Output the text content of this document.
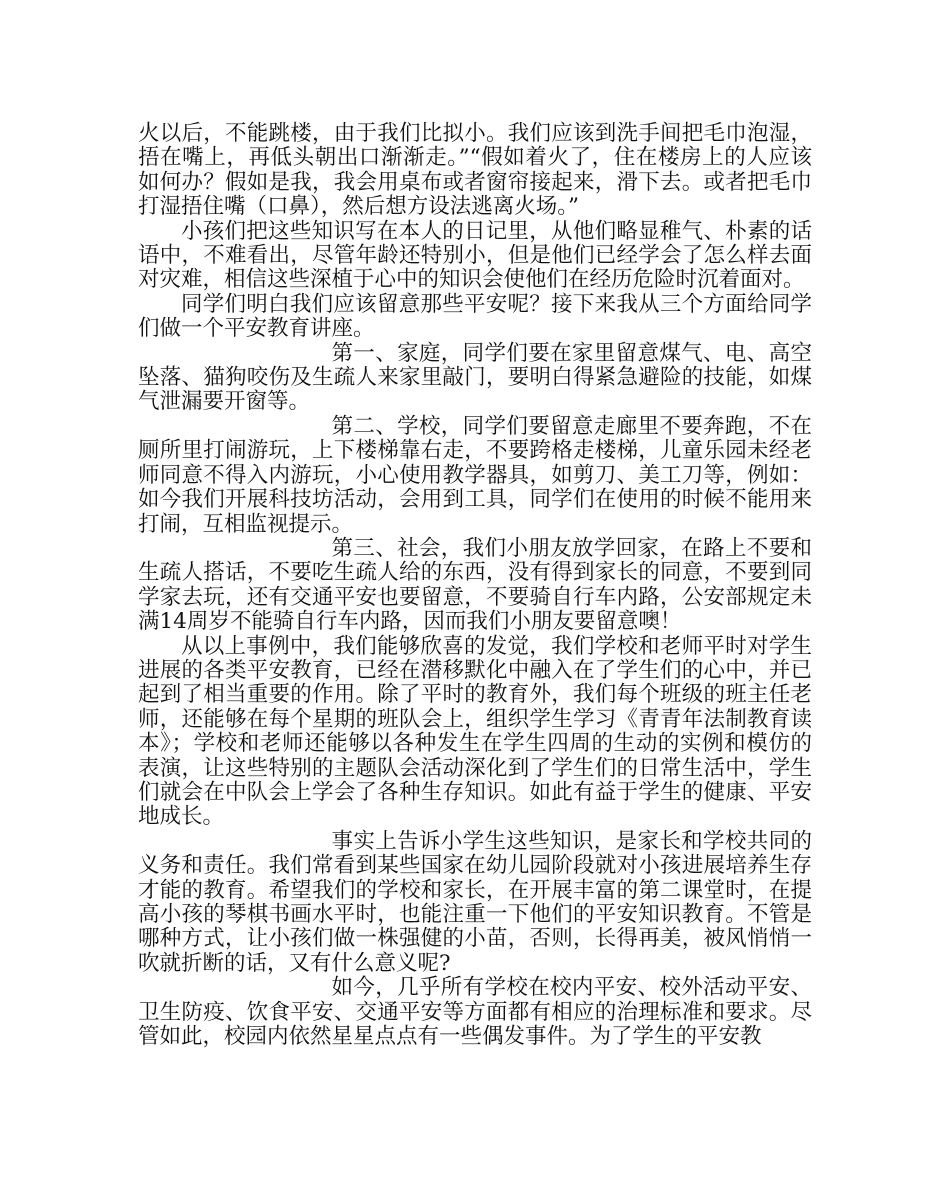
火以后，不能跳楼，由于我们比拟小。我们应该到洗手间把毛巾泡湿，捂在嘴上，再低头朝出口渐渐走。”“假如着火了，住在楼房上的人应该如何办？假如是我，我会用桌布或者窗帘接起来，滑下去。或者把毛巾打湿捂住嘴（口鼻），然后想方设法逃离火场。”

小孩们把这些知识写在本人的日记里，从他们略显稚气、朴素的话语中，不难看出，尽管年龄还特别小，但是他们已经学会了怎么样去面对灾难，相信这些深植于心中的知识会使他们在经历危险时沉着面对。

同学们明白我们应该留意那些平安呢？接下来我从三个方面给同学们做一个平安教育讲座。

第一、家庭，同学们要在家里留意煤气、电、高空坠落、猫狗咬伤及生疏人来家里敲门，要明白得紧急避险的技能，如煤气泄漏要开窗等。

第二、学校，同学们要留意走廊里不要奔跑，不在厕所里打闹游玩，上下楼梯靠右走，不要跨格走楼梯，儿童乐园未经老师同意不得入内游玩，小心使用教学器具，如剪刀、美工刀等，例如：如今我们开展科技坊活动，会用到工具，同学们在使用的时候不能用来打闹，互相监视提示。

第三、社会，我们小朋友放学回家，在路上不要和生疏人搭话，不要吃生疏人给的东西，没有得到家长的同意，不要到同学家去玩，还有交通平安也要留意，不要骑自行车内路，公安部规定未满14周岁不能骑自行车内路，因而我们小朋友要留意噢！

从以上事例中，我们能够欣喜的发觉，我们学校和老师平时对学生进展的各类平安教育，已经在潜移默化中融入在了学生们的心中，并已起到了相当重要的作用。除了平时的教育外，我们每个班级的班主任老师，还能够在每个星期的班队会上，组织学生学习《青青年法制教育读本》；学校和老师还能够以各种发生在学生四周的生动的实例和模仿的表演，让这些特别的主题队会活动深化到了学生们的日常生活中，学生们就会在中队会上学会了各种生存知识。如此有益于学生的健康、平安地成长。

事实上告诉小学生这些知识，是家长和学校共同的义务和责任。我们常看到某些国家在幼儿园阶段就对小孩进展培养生存才能的教育。希望我们的学校和家长，在开展丰富的第二课堂时，在提高小孩的琴棋书画水平时，也能注重一下他们的平安知识教育。不管是哪种方式，让小孩们做一株强健的小苗，否则，长得再美，被风悄悄一吹就折断的话，又有什么意义呢?

如今，几乎所有学校在校内平安、校外活动平安、卫生防疫、饮食平安、交通平安等方面都有相应的治理标准和要求。尽管如此，校园内依然星星点点有一些偶发事件。为了学生的平安教
